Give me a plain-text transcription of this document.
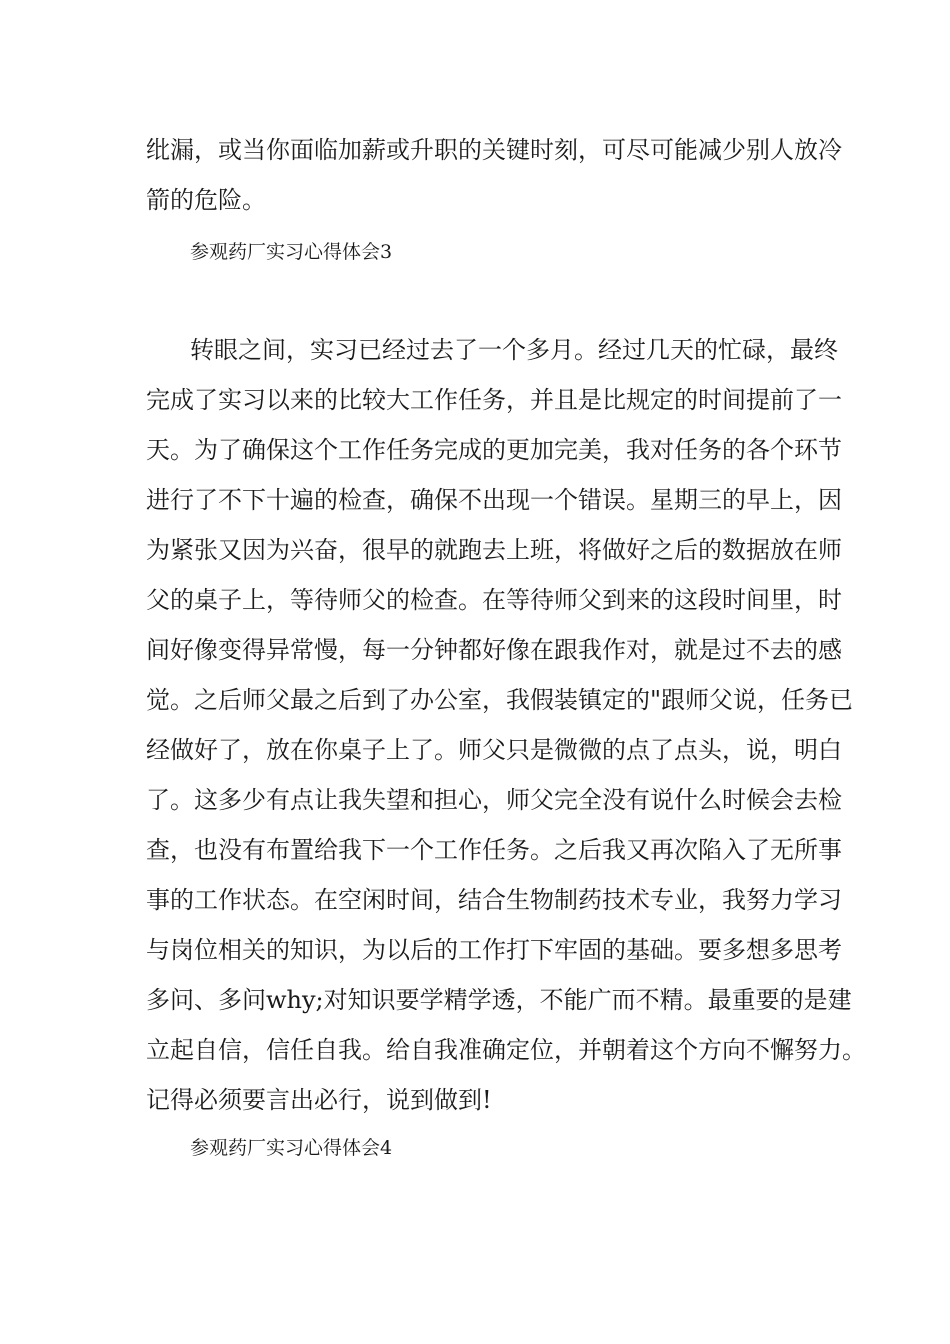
纰漏，或当你面临加薪或升职的关键时刻，可尽可能减少别人放冷
箭的危险。
参观药厂实习心得体会3
转眼之间，实习已经过去了一个多月。经过几天的忙碌，最终
完成了实习以来的比较大工作任务，并且是比规定的时间提前了一
天。为了确保这个工作任务完成的更加完美，我对任务的各个环节
进行了不下十遍的检查，确保不出现一个错误。星期三的早上，因
为紧张又因为兴奋，很早的就跑去上班，将做好之后的数据放在师
父的桌子上，等待师父的检查。在等待师父到来的这段时间里，时
间好像变得异常慢，每一分钟都好像在跟我作对，就是过不去的感
觉。之后师父最之后到了办公室，我假装镇定的"跟师父说，任务已
经做好了，放在你桌子上了。师父只是微微的点了点头，说，明白
了。这多少有点让我失望和担心，师父完全没有说什么时候会去检
查，也没有布置给我下一个工作任务。之后我又再次陷入了无所事
事的工作状态。在空闲时间，结合生物制药技术专业，我努力学习
与岗位相关的知识，为以后的工作打下牢固的基础。要多想多思考
多问、多问why;对知识要学精学透，不能广而不精。最重要的是建
立起自信，信任自我。给自我准确定位，并朝着这个方向不懈努力。
记得必须要言出必行，说到做到!
参观药厂实习心得体会4
